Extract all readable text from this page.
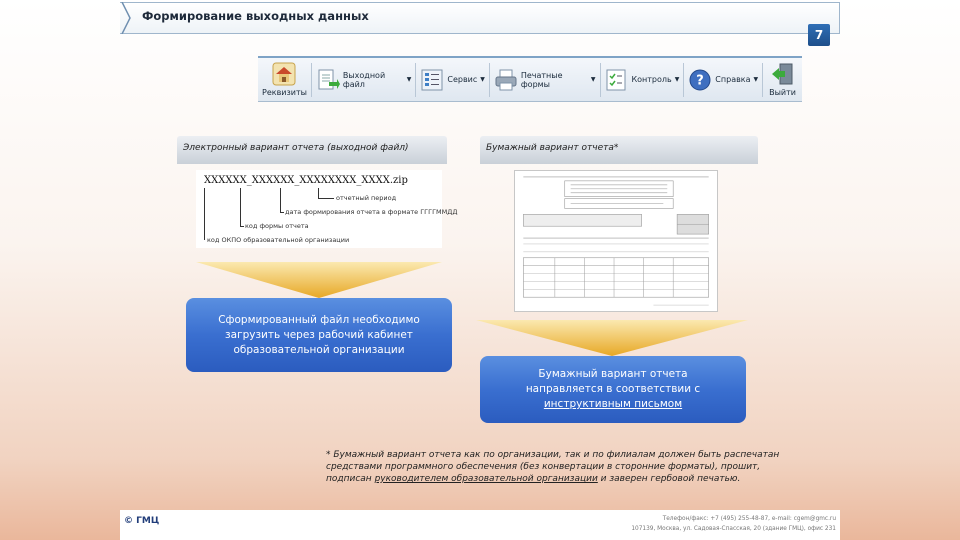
Формирование выходных данных
7
Реквизиты
Выходной файл	▼	Сервис ▼	Печатные формы	▼	Контроль ▼ ? Справка ▼
Выйти
Электронный вариант отчета (выходной файл)	Бумажный вариант отчета*
XXXXXX_XXXXXX_XXXXXXXX_XXXX.zip
отчетный период
дата формирования отчета в формате ГГГГММДД
код формы отчета
код ОКПО образовательной организации
Сформированный файл необходимо загрузить через рабочий кабинет образовательной организации
Бумажный вариант отчета
направляется в соответствии с
инструктивным письмом
* Бумажный вариант отчета как по организации, так и по филиалам должен быть распечатан средствами программного обеспечения (без конвертации в сторонние форматы), прошит, подписан руководителем образовательной организации и заверен гербовой печатью.
© ГМЦ	Телефон/факс: +7 (495) 255-48-87, e-mail: cgem@gmc.ru
107139, Москва, ул. Садовая-Спасская, 20 (здание ГМЦ), офис 231
